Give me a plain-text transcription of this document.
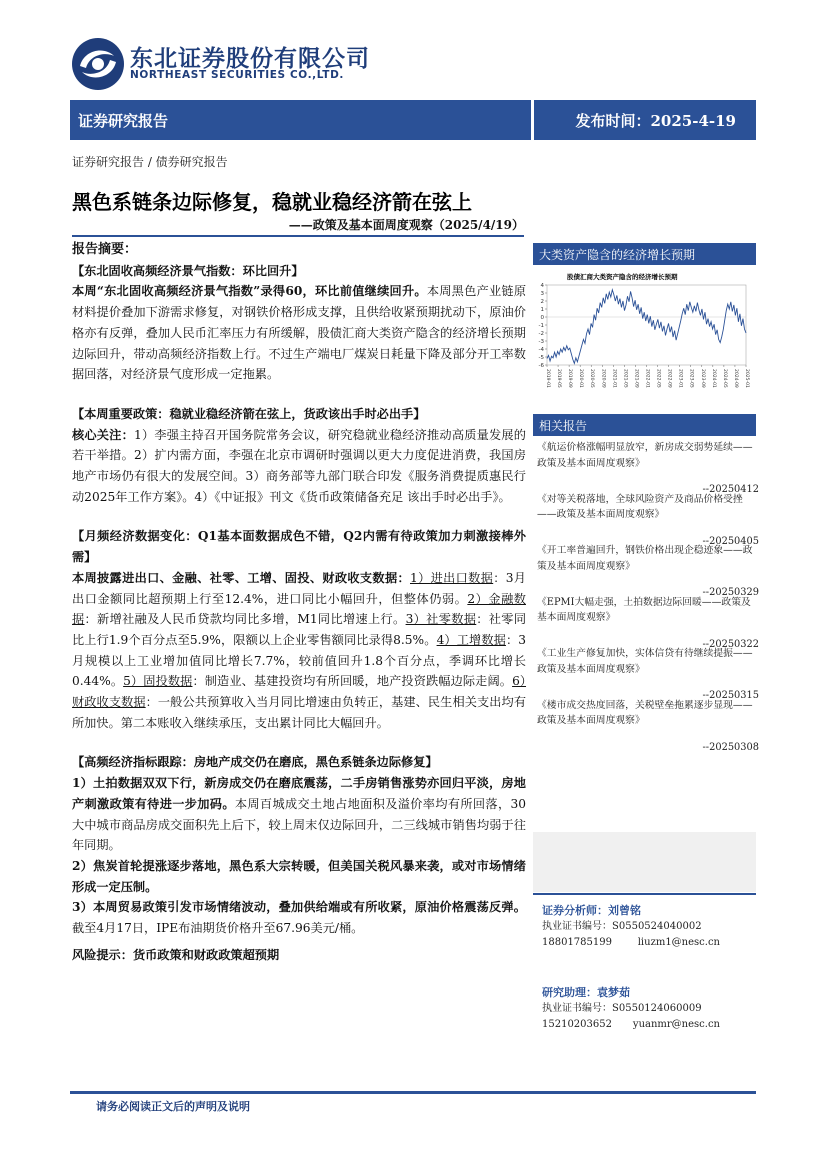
东北证券股份有限公司
NORTHEAST SECURITIES CO.,LTD.
证券研究报告	发布时间：2025-4-19
证券研究报告 / 债券研究报告
黑色系链条边际修复，稳就业稳经济箭在弦上
——政策及基本面周度观察（2025/4/19）

报告摘要：

【东北固收高频经济景气指数：环比回升】

本周“东北固收高频经济景气指数”录得60，环比前值继续回升。本周黑色产业链原材料提价叠加下游需求修复，对钢铁价格形成支撑，且供给收紧预期扰动下，原油价格亦有反弹，叠加人民币汇率压力有所缓解，股债汇商大类资产隐含的经济增长预期边际回升，带动高频经济指数上行。不过生产端电厂煤炭日耗量下降及部分开工率数据回落，对经济景气度形成一定拖累。

【本周重要政策：稳就业稳经济箭在弦上，货政该出手时必出手】

核心关注：1）李强主持召开国务院常务会议，研究稳就业稳经济推动高质量发展的若干举措。2）扩内需方面，李强在北京市调研时强调以更大力度促进消费，我国房地产市场仍有很大的发展空间。3）商务部等九部门联合印发《服务消费提质惠民行动2025年工作方案》。4）《中证报》刊文《货币政策储备充足 该出手时必出手》。

【月频经济数据变化：Q1基本面数据成色不错，Q2内需有待政策加力刺激接棒外需】

本周披露进出口、金融、社零、工增、固投、财政收支数据：1）进出口数据：3月出口金额同比超预期上行至12.4%，进口同比小幅回升，但整体仍弱。2）金融数据：新增社融及人民币贷款均同比多增，M1同比增速上行。3）社零数据：社零同比上行1.9个百分点至5.9%，限额以上企业零售额同比录得8.5%。4）工增数据：3月规模以上工业增加值同比增长7.7%，较前值回升1.8个百分点，季调环比增长0.44%。5）固投数据：制造业、基建投资均有所回暖，地产投资跌幅边际走阔。6）财政收支数据：一般公共预算收入当月同比增速由负转正，基建、民生相关支出均有所加快。第二本账收入继续承压，支出累计同比大幅回升。

【高频经济指标跟踪：房地产成交仍在磨底，黑色系链条边际修复】

1）土拍数据双双下行，新房成交仍在磨底震荡，二手房销售涨势亦回归平淡，房地产刺激政策有待进一步加码。本周百城成交土地占地面积及溢价率均有所回落，30大中城市商品房成交面积先上后下，较上周末仅边际回升，二三线城市销售均弱于往年同期。

2）焦炭首轮提涨逐步落地，黑色系大宗转暖，但美国关税风暴来袭，或对市场情绪形成一定压制。

3）本周贸易政策引发市场情绪波动，叠加供给端或有所收紧，原油价格震荡反弹。截至4月17日，IPE布油期货价格升至67.96美元/桶。

风险提示：货币政策和财政政策超预期

大类资产隐含的经济增长预期
股债汇商大类资产隐含的经济增长预期
4
3
2
1
0
-1
-2
-3
-4
-5
-6
2019-01 2019-05 2019-09 2020-01 2020-05 2020-09 2021-01 2021-05 2021-09 2022-01 2022-05 2022-09 2023-01 2023-05 2023-09 2024-01 2024-05 2024-09 2025-01
相关报告
《航运价格涨幅明显放窄，新房成交弱势延续——政策及基本面周度观察》
--20250412
《对等关税落地，全球风险资产及商品价格受挫——政策及基本面周度观察》
--20250405
《开工率普遍回升，钢铁价格出现企稳迹象——政策及基本面周度观察》
--20250329
《EPMI大幅走强，土拍数据边际回暖——政策及基本面周度观察》
--20250322
《工业生产修复加快，实体信贷有待继续提振——政策及基本面周度观察》
--20250315
《楼市成交热度回落，关税壁垒拖累逐步显现——政策及基本面周度观察》
--20250308
证券分析师：刘曾铭
执业证书编号：S0550524040002
18801785199	liuzm1@nesc.cn
研究助理：袁梦茹
执业证书编号：S0550124060009
15210203652 yuanmr@nesc.cn
请务必阅读正文后的声明及说明
